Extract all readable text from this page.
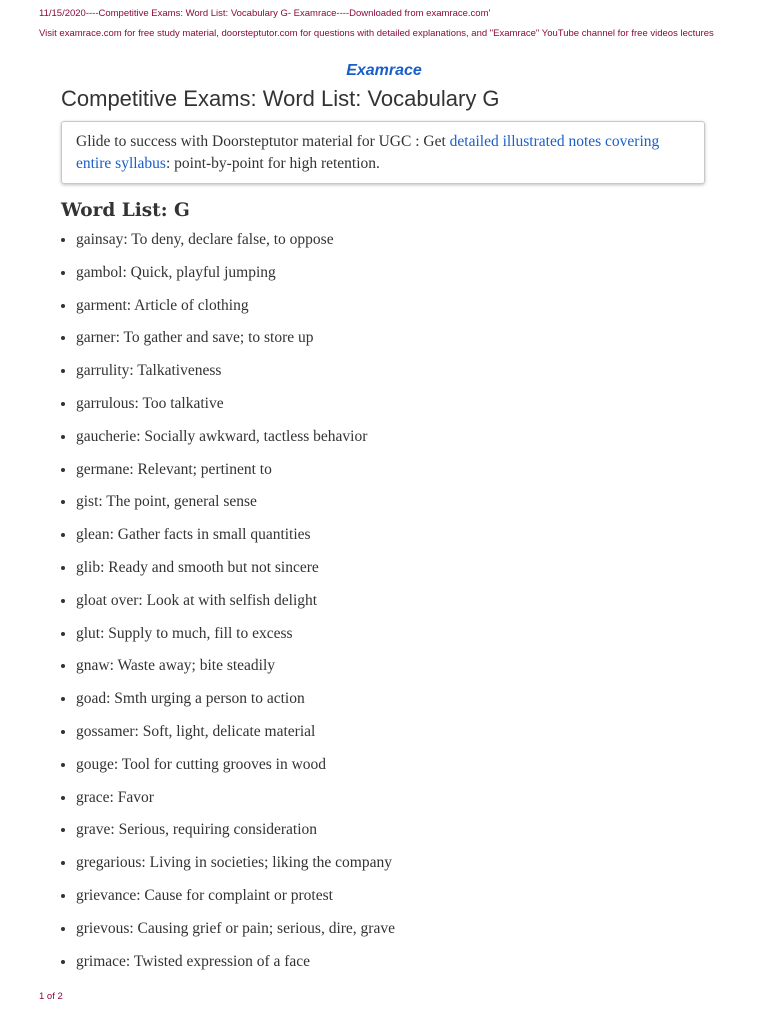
11/15/2020----Competitive Exams: Word List: Vocabulary G- Examrace----Downloaded from examrace.com'
Visit examrace.com for free study material, doorsteptutor.com for questions with detailed explanations, and "Examrace" YouTube channel for free videos lectures
Examrace
Competitive Exams: Word List: Vocabulary G
Glide to success with Doorsteptutor material for UGC : Get detailed illustrated notes covering entire syllabus: point-by-point for high retention.
Word List: G
gainsay: To deny, declare false, to oppose
gambol: Quick, playful jumping
garment: Article of clothing
garner: To gather and save; to store up
garrulity: Talkativeness
garrulous: Too talkative
gaucherie: Socially awkward, tactless behavior
germane: Relevant; pertinent to
gist: The point, general sense
glean: Gather facts in small quantities
glib: Ready and smooth but not sincere
gloat over: Look at with selfish delight
glut: Supply to much, fill to excess
gnaw: Waste away; bite steadily
goad: Smth urging a person to action
gossamer: Soft, light, delicate material
gouge: Tool for cutting grooves in wood
grace: Favor
grave: Serious, requiring consideration
gregarious: Living in societies; liking the company
grievance: Cause for complaint or protest
grievous: Causing grief or pain; serious, dire, grave
grimace: Twisted expression of a face
1 of 2
